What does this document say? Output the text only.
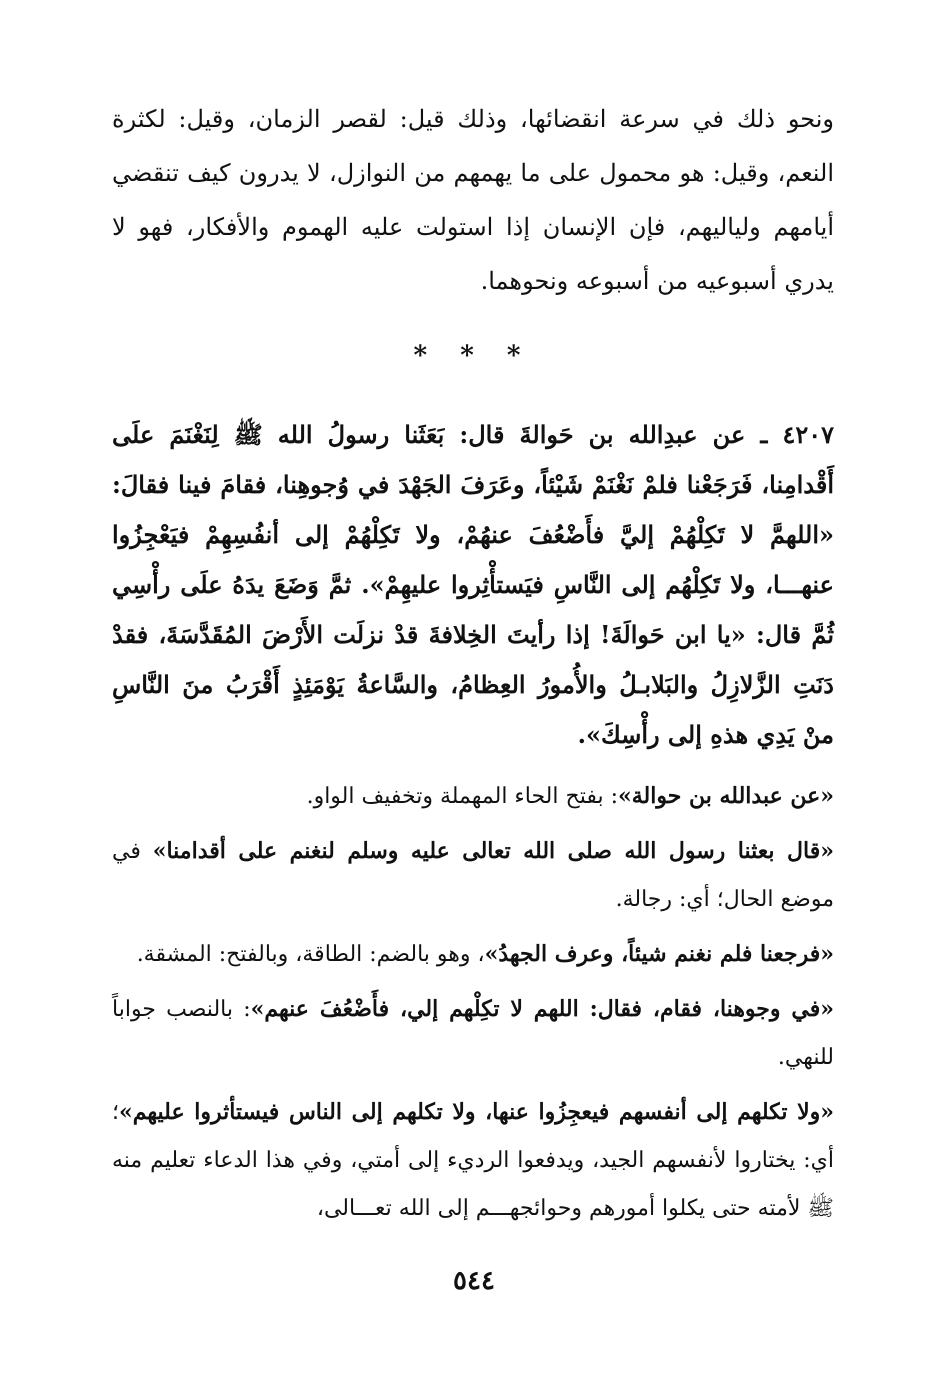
ونحو ذلك في سرعة انقضائها، وذلك قيل: لقصر الزمان، وقيل: لكثرة النعم، وقيل: هو محمول على ما يهمهم من النوازل، لا يدرون كيف تنقضي أيامهم ولياليهم، فإن الإنسان إذا استولت عليه الهموم والأفكار، فهو لا يدري أسبوعيه من أسبوعه ونحوهما.

* * *

٤٢٠٧ ـ عن عبدِالله بن حَوالةَ قال: بَعَثَنا رسولُ الله ﷺ لِنَغْنَمَ علَى أَقْدامِنا، فَرَجَعْنا فلمْ نَغْنَمْ شَيْئاً، وعَرَفَ الجَهْدَ في وُجوهِنا، فقامَ فينا فقالَ: «اللهمَّ لا تَكِلْهُمْ إليَّ فأَضْعُفَ عنهُمْ، ولا تَكِلْهُمْ إلى أنفُسِهِمْ فيَعْجِزُوا عنهـــا، ولا تَكِلْهُم إلى النَّاسِ فيَستأْثِروا عليهِمْ». ثمَّ وَضَعَ يدَهُ علَى رأْسِي ثُمَّ قال: «يا ابن حَوالَةَ! إذا رأيتَ الخِلافةَ قدْ نزلَت الأَرْضَ المُقَدَّسَةَ، فقدْ دَنَتِ الزَّلازِلُ والبَلابـلُ والأُمورُ العِظامُ، والسَّاعةُ يَوْمَئِذٍ أَقْرَبُ منَ النَّاسِ منْ يَدِي هذهِ إلى رأْسِكَ».

«عن عبدالله بن حوالة»: بفتح الحاء المهملة وتخفيف الواو.

«قال بعثنا رسول الله صلى الله تعالى عليه وسلم لنغنم على أقدامنا» في موضع الحال؛ أي: رجالة.

«فرجعنا فلم نغنم شيئاً، وعرف الجهدُ»، وهو بالضم: الطاقة، وبالفتح: المشقة.

«في وجوهنا، فقام، فقال: اللهم لا تكِلْهم إلي، فأَضْعُفَ عنهم»: بالنصب جواباً للنهي.

«ولا تكلهم إلى أنفسهم فيعجِزُوا عنها، ولا تكلهم إلى الناس فيستأثروا عليهم»؛ أي: يختاروا لأنفسهم الجيد، ويدفعوا الرديء إلى أمتي، وفي هذا الدعاء تعليم منه ﷺ لأمته حتى يكلوا أمورهم وحوائجهـــم إلى الله تعـــالى،

٥٤٤
